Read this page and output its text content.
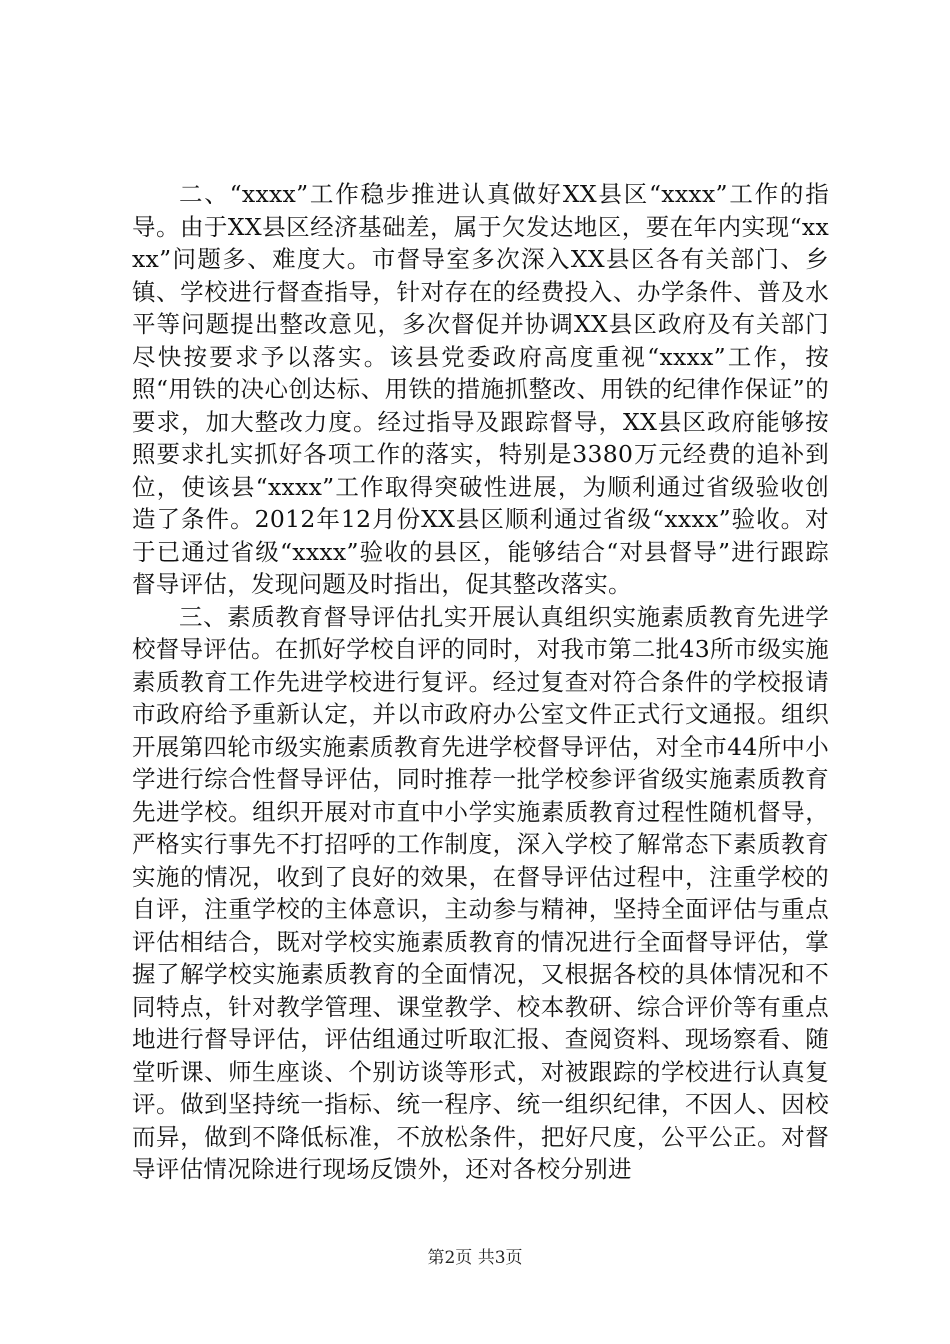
二、“xxxx”工作稳步推进认真做好XX县区“xxxx”工作的指导。由于XX县区经济基础差，属于欠发达地区，要在年内实现“xxxx”问题多、难度大。市督导室多次深入XX县区各有关部门、乡镇、学校进行督查指导，针对存在的经费投入、办学条件、普及水平等问题提出整改意见，多次督促并协调XX县区政府及有关部门尽快按要求予以落实。该县党委政府高度重视“xxxx”工作，按照“用铁的决心创达标、用铁的措施抓整改、用铁的纪律作保证”的要求，加大整改力度。经过指导及跟踪督导，XX县区政府能够按照要求扎实抓好各项工作的落实，特别是3380万元经费的追补到位，使该县“xxxx”工作取得突破性进展，为顺利通过省级验收创造了条件。2012年12月份XX县区顺利通过省级“xxxx”验收。对于已通过省级“xxxx”验收的县区，能够结合“对县督导”进行跟踪督导评估，发现问题及时指出，促其整改落实。

三、素质教育督导评估扎实开展认真组织实施素质教育先进学校督导评估。在抓好学校自评的同时，对我市第二批43所市级实施素质教育工作先进学校进行复评。经过复查对符合条件的学校报请市政府给予重新认定，并以市政府办公室文件正式行文通报。组织开展第四轮市级实施素质教育先进学校督导评估，对全市44所中小学进行综合性督导评估，同时推荐一批学校参评省级实施素质教育先进学校。组织开展对市直中小学实施素质教育过程性随机督导，严格实行事先不打招呼的工作制度，深入学校了解常态下素质教育实施的情况，收到了良好的效果，在督导评估过程中，注重学校的自评，注重学校的主体意识，主动参与精神，坚持全面评估与重点评估相结合，既对学校实施素质教育的情况进行全面督导评估，掌握了解学校实施素质教育的全面情况，又根据各校的具体情况和不同特点，针对教学管理、课堂教学、校本教研、综合评价等有重点地进行督导评估，评估组通过听取汇报、查阅资料、现场察看、随堂听课、师生座谈、个别访谈等形式，对被跟踪的学校进行认真复评。做到坚持统一指标、统一程序、统一组织纪律，不因人、因校而异，做到不降低标准，不放松条件，把好尺度，公平公正。对督导评估情况除进行现场反馈外，还对各校分别进

第2页 共3页
